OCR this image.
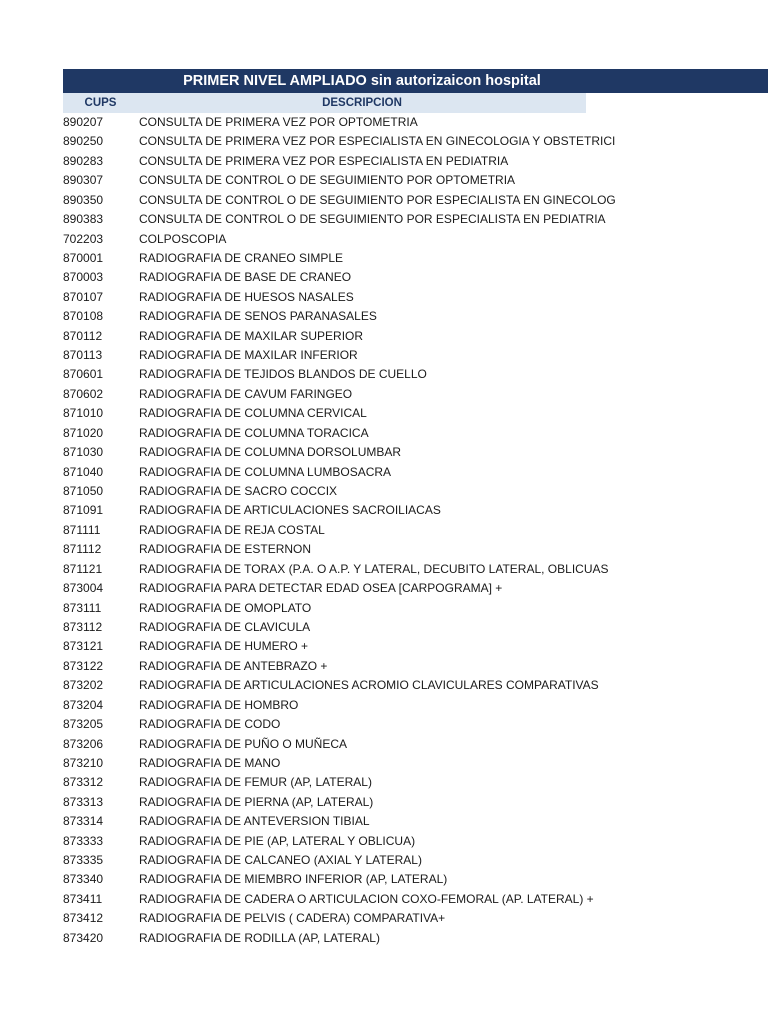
PRIMER NIVEL AMPLIADO sin autorizaicon hospital
CUPS	DESCRIPCION
890207	CONSULTA DE PRIMERA VEZ POR OPTOMETRIA
890250	CONSULTA DE PRIMERA VEZ POR ESPECIALISTA EN GINECOLOGIA Y OBSTETRICI
890283	CONSULTA DE PRIMERA VEZ POR ESPECIALISTA EN PEDIATRIA
890307	CONSULTA DE CONTROL O DE SEGUIMIENTO POR OPTOMETRIA
890350	CONSULTA DE CONTROL O DE SEGUIMIENTO POR ESPECIALISTA EN GINECOLOG
890383	CONSULTA DE CONTROL O DE SEGUIMIENTO POR ESPECIALISTA EN PEDIATRIA
702203	COLPOSCOPIA
870001	RADIOGRAFIA DE CRANEO SIMPLE
870003	RADIOGRAFIA DE BASE DE CRANEO
870107	RADIOGRAFIA DE HUESOS NASALES
870108	RADIOGRAFIA DE SENOS PARANASALES
870112	RADIOGRAFIA DE MAXILAR SUPERIOR
870113	RADIOGRAFIA DE MAXILAR INFERIOR
870601	RADIOGRAFIA DE TEJIDOS BLANDOS DE CUELLO
870602	RADIOGRAFIA DE CAVUM FARINGEO
871010	RADIOGRAFIA DE COLUMNA CERVICAL
871020	RADIOGRAFIA DE COLUMNA TORACICA
871030	RADIOGRAFIA DE COLUMNA DORSOLUMBAR
871040	RADIOGRAFIA DE COLUMNA LUMBOSACRA
871050	RADIOGRAFIA DE SACRO COCCIX
871091	RADIOGRAFIA DE ARTICULACIONES SACROILIACAS
871111	RADIOGRAFIA DE REJA COSTAL
871112	RADIOGRAFIA DE ESTERNON
871121	RADIOGRAFIA DE TORAX (P.A. O A.P. Y LATERAL, DECUBITO LATERAL, OBLICUAS
873004	RADIOGRAFIA PARA DETECTAR EDAD OSEA [CARPOGRAMA] +
873111	RADIOGRAFIA DE OMOPLATO
873112	RADIOGRAFIA DE CLAVICULA
873121	RADIOGRAFIA DE HUMERO +
873122	RADIOGRAFIA DE ANTEBRAZO +
873202	RADIOGRAFIA DE ARTICULACIONES ACROMIO CLAVICULARES COMPARATIVAS
873204	RADIOGRAFIA DE HOMBRO
873205	RADIOGRAFIA DE CODO
873206	RADIOGRAFIA DE PUÑO O MUÑECA
873210	RADIOGRAFIA DE MANO
873312	RADIOGRAFIA DE FEMUR (AP, LATERAL)
873313	RADIOGRAFIA DE PIERNA (AP, LATERAL)
873314	RADIOGRAFIA DE ANTEVERSION TIBIAL
873333	RADIOGRAFIA DE PIE (AP, LATERAL Y OBLICUA)
873335	RADIOGRAFIA DE CALCANEO (AXIAL Y LATERAL)
873340	RADIOGRAFIA DE MIEMBRO INFERIOR (AP, LATERAL)
873411	RADIOGRAFIA DE CADERA O ARTICULACION COXO-FEMORAL (AP. LATERAL) +
873412	RADIOGRAFIA DE PELVIS ( CADERA) COMPARATIVA+
873420	RADIOGRAFIA DE RODILLA (AP, LATERAL)
